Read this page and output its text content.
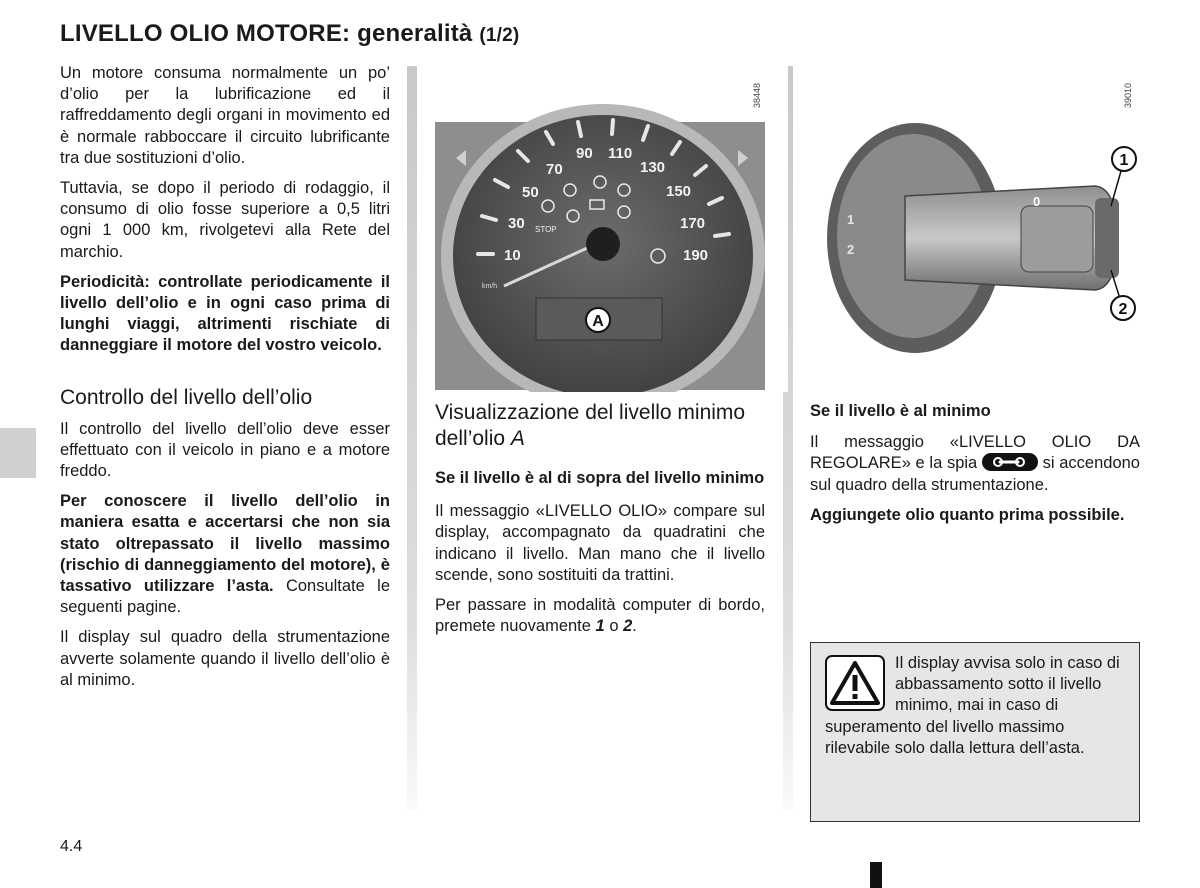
LIVELLO OLIO MOTORE: generalità (1/2)

Un motore consuma normalmente un po’ d’olio per la lubrificazione ed il raffreddamento degli organi in movimento ed è normale rabboccare il circuito lubrificante tra due sostituzioni d’olio.

Tuttavia, se dopo il periodo di rodaggio, il consumo di olio fosse superiore a 0,5 litri ogni 1 000 km, rivolgetevi alla Rete del marchio.

Periodicità: controllate periodicamente il livello dell’olio e in ogni caso prima di lunghi viaggi, altrimenti rischiate di danneggiare il motore del vostro veicolo.

Controllo del livello dell’olio

Il controllo del livello dell’olio deve esser effettuato con il veicolo in piano e a motore freddo.

Per conoscere il livello dell’olio in maniera esatta e accertarsi che non sia stato oltrepassato il livello massimo (rischio di danneggiamento del motore), è tassativo utilizzare l’asta. Consultate le seguenti pagine.

Il display sul quadro della strumentazione avverte solamente quando il livello dell’olio è al minimo.

10
30
50
70
90 110
130
150
170
190
km/h
STOP
A
38448
1
2
0
1
2
39010
Visualizzazione del livello minimo dell’olio A

Se il livello è al di sopra del livello minimo

Il messaggio «LIVELLO OLIO» compare sul display, accompagnato da quadratini che indicano il livello. Man mano che il livello scende, sono sostituiti da trattini.

Per passare in modalità computer di bordo, premete nuovamente 1 o 2.

Se il livello è al minimo

Il messaggio «LIVELLO OLIO DA REGOLARE» e la spia	si accendono sul quadro della strumentazione.

Aggiungete olio quanto prima possibile.

Il display avvisa solo in caso di abbassamento sotto il livello minimo, mai in caso di superamento del livello massimo rilevabile solo dalla lettura dell’asta.
4.4
